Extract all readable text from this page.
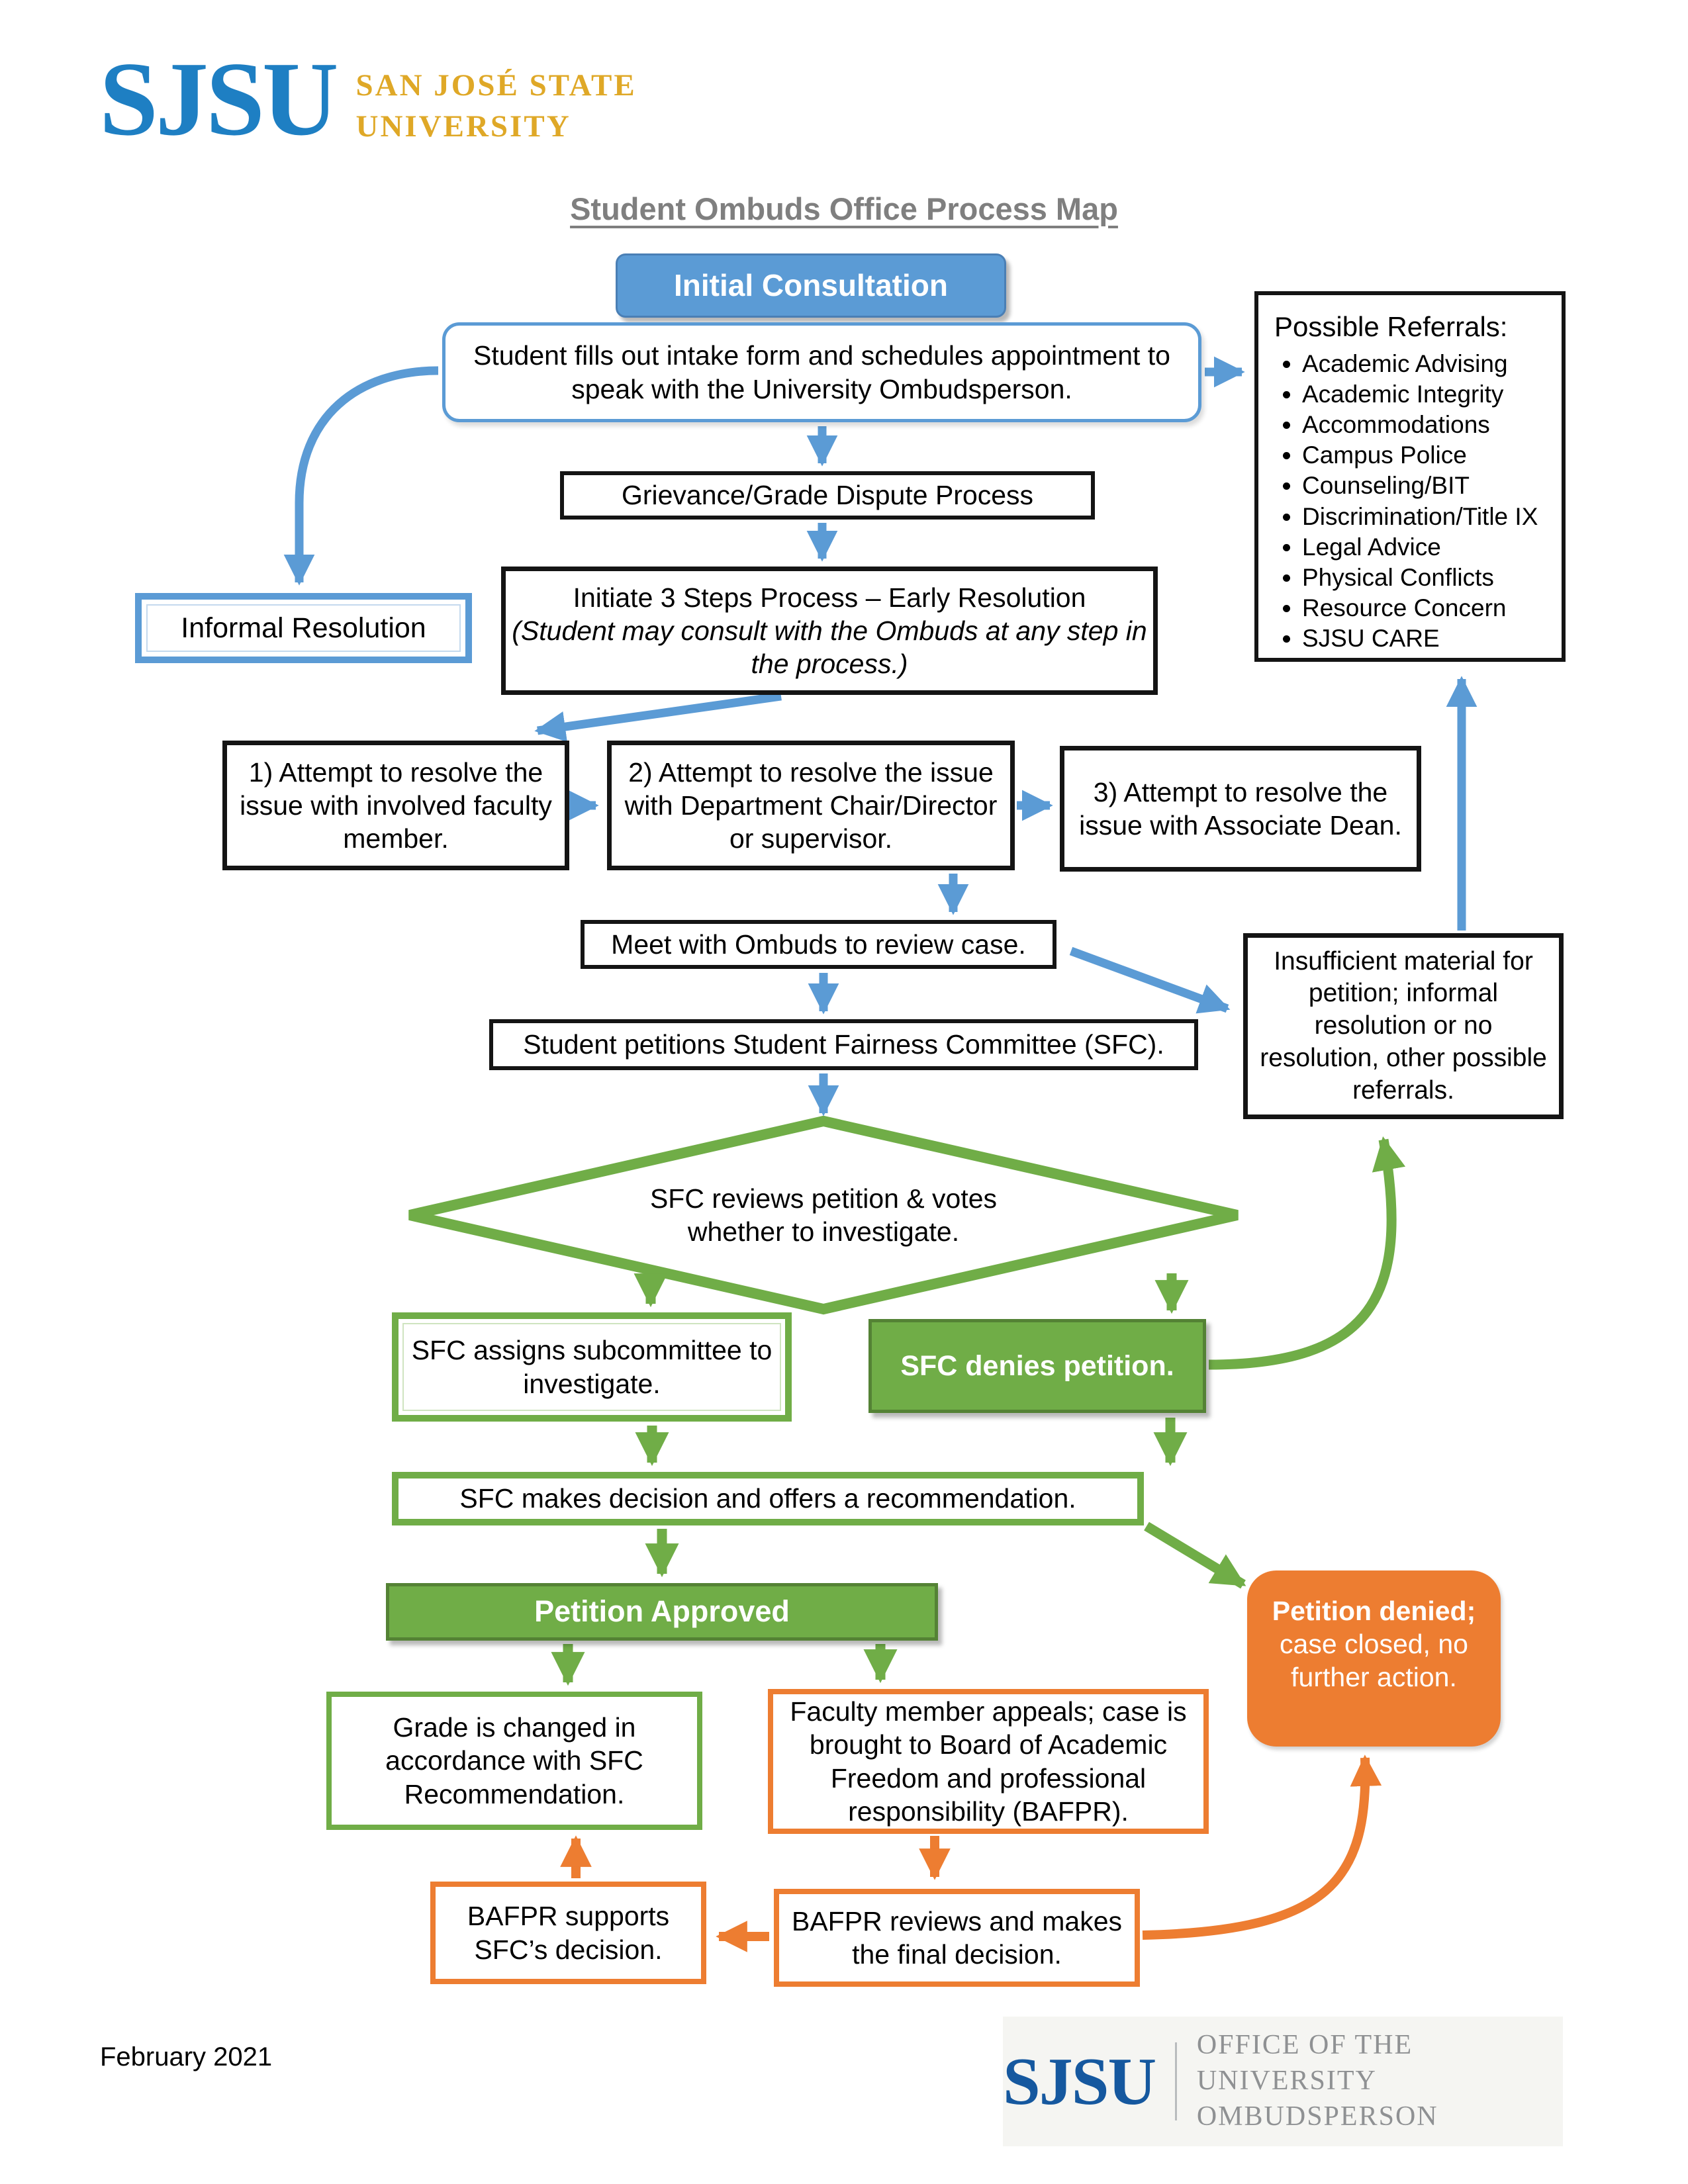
SJSU SAN JOSÉ STATE
UNIVERSITY
Student Ombuds Office Process Map
Initial Consultation
Student fills out intake form and schedules appointment to speak with the University Ombudsperson.
Possible Referrals:
• Academic Advising
• Academic Integrity
• Accommodations
• Campus Police
• Counseling/BIT
• Discrimination/Title IX
• Legal Advice
• Physical Conflicts
• Resource Concern
• SJSU CARE
Grievance/Grade Dispute Process
Initiate 3 Steps Process – Early Resolution
(Student may consult with the Ombuds at any step in the process.)
Informal Resolution
1) Attempt to resolve the issue with involved faculty member.
2) Attempt to resolve the issue with Department Chair/Director or supervisor.
3) Attempt to resolve the issue with Associate Dean.
Meet with Ombuds to review case.
Insufficient material for petition; informal resolution or no resolution, other possible referrals.
Student petitions Student Fairness Committee (SFC).
SFC reviews petition & votes whether to investigate.
SFC assigns subcommittee to investigate.
SFC denies petition.
SFC makes decision and offers a recommendation.
Petition Approved	Petition denied; case closed, no further action.
Grade is changed in accordance with SFC Recommendation.
Faculty member appeals; case is brought to Board of Academic Freedom and professional responsibility (BAFPR).
BAFPR supports SFC’s decision.
BAFPR reviews and makes the final decision.
February 2021	SJSU OFFICE OF THE UNIVERSITY
OMBUDSPERSON
